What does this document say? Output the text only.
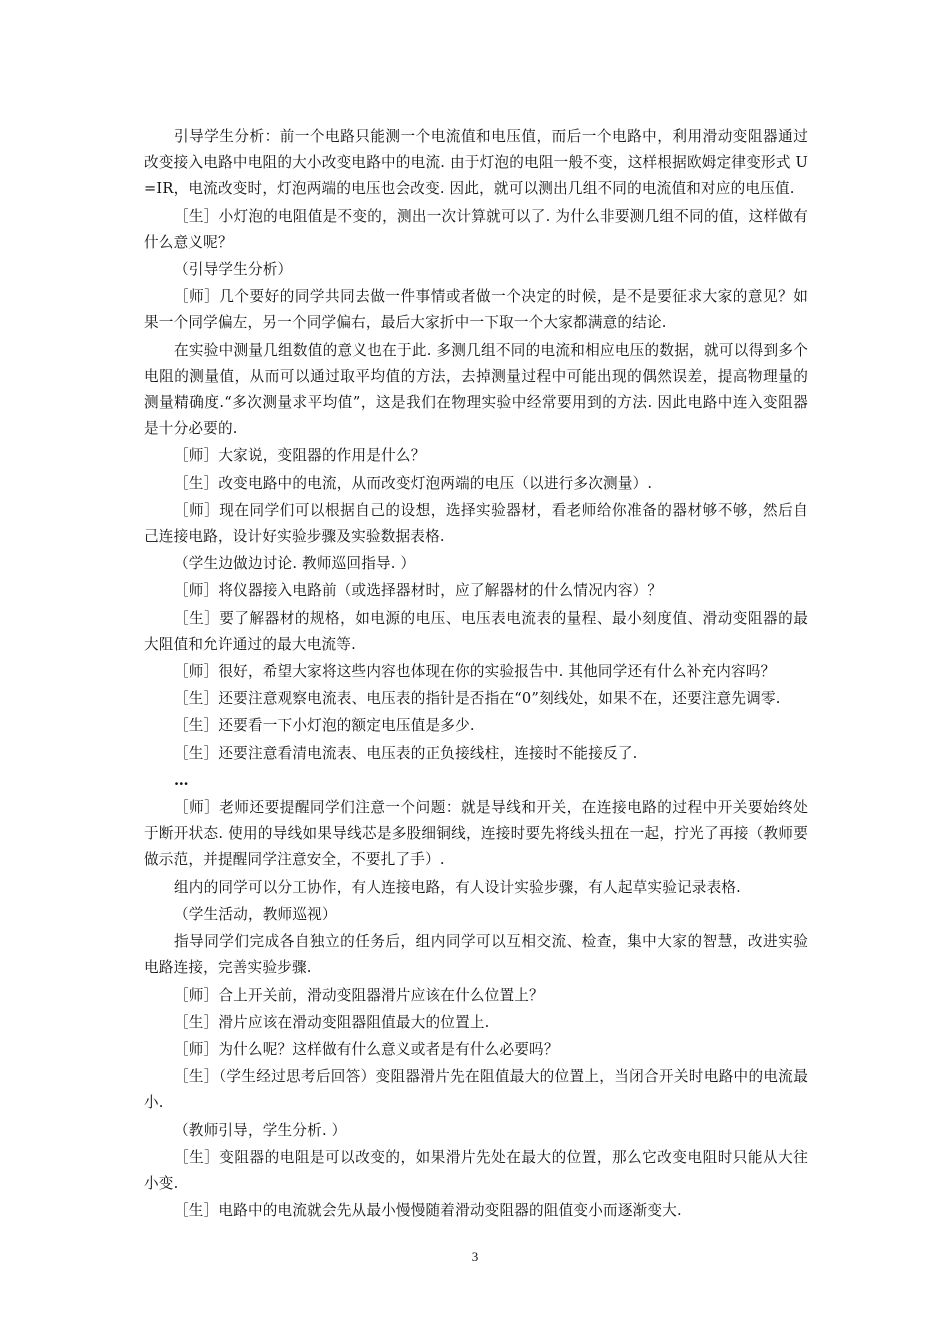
引导学生分析：前一个电路只能测一个电流值和电压值，而后一个电路中，利用滑动变阻器通过改变接入电路中电阻的大小改变电路中的电流. 由于灯泡的电阻一般不变，这样根据欧姆定律变形式 U=IR，电流改变时，灯泡两端的电压也会改变. 因此，就可以测出几组不同的电流值和对应的电压值.

［生］小灯泡的电阻值是不变的，测出一次计算就可以了. 为什么非要测几组不同的值，这样做有什么意义呢？

（引导学生分析）

［师］几个要好的同学共同去做一件事情或者做一个决定的时候，是不是要征求大家的意见？如果一个同学偏左，另一个同学偏右，最后大家折中一下取一个大家都满意的结论.

在实验中测量几组数值的意义也在于此. 多测几组不同的电流和相应电压的数据，就可以得到多个电阻的测量值，从而可以通过取平均值的方法，去掉测量过程中可能出现的偶然误差，提高物理量的测量精确度.“多次测量求平均值”，这是我们在物理实验中经常要用到的方法. 因此电路中连入变阻器是十分必要的.

［师］大家说，变阻器的作用是什么？

［生］改变电路中的电流，从而改变灯泡两端的电压（以进行多次测量）.

［师］现在同学们可以根据自己的设想，选择实验器材，看老师给你准备的器材够不够，然后自己连接电路，设计好实验步骤及实验数据表格.

（学生边做边讨论. 教师巡回指导. ）

［师］将仪器接入电路前（或选择器材时，应了解器材的什么情况内容）？

［生］要了解器材的规格，如电源的电压、电压表电流表的量程、最小刻度值、滑动变阻器的最大阻值和允许通过的最大电流等.

［师］很好，希望大家将这些内容也体现在你的实验报告中. 其他同学还有什么补充内容吗？

［生］还要注意观察电流表、电压表的指针是否指在“0”刻线处，如果不在，还要注意先调零.

［生］还要看一下小灯泡的额定电压值是多少.

［生］还要注意看清电流表、电压表的正负接线柱，连接时不能接反了.

…

［师］老师还要提醒同学们注意一个问题：就是导线和开关，在连接电路的过程中开关要始终处于断开状态. 使用的导线如果导线芯是多股细铜线，连接时要先将线头扭在一起，拧光了再接（教师要做示范，并提醒同学注意安全，不要扎了手）.

组内的同学可以分工协作，有人连接电路，有人设计实验步骤，有人起草实验记录表格.

（学生活动，教师巡视）

指导同学们完成各自独立的任务后，组内同学可以互相交流、检查，集中大家的智慧，改进实验电路连接，完善实验步骤.

［师］合上开关前，滑动变阻器滑片应该在什么位置上？

［生］滑片应该在滑动变阻器阻值最大的位置上.

［师］为什么呢？这样做有什么意义或者是有什么必要吗？

［生］（学生经过思考后回答）变阻器滑片先在阻值最大的位置上，当闭合开关时电路中的电流最小.

（教师引导，学生分析. ）

［生］变阻器的电阻是可以改变的，如果滑片先处在最大的位置，那么它改变电阻时只能从大往小变.

［生］电路中的电流就会先从最小慢慢随着滑动变阻器的阻值变小而逐渐变大.

3
